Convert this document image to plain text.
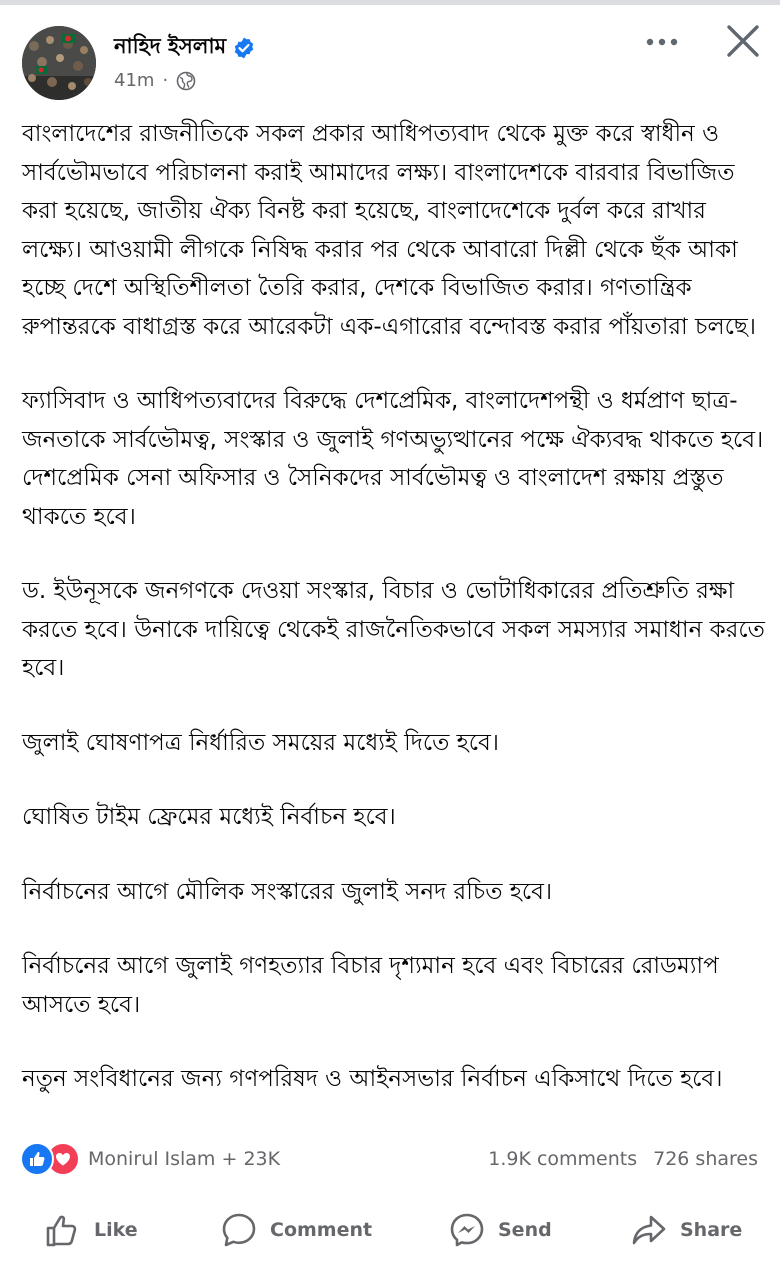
নাহিদ ইসলাম
41m ·

বাংলাদেশের রাজনীতিকে সকল প্রকার আধিপত্যবাদ থেকে মুক্ত করে স্বাধীন ও সার্বভৌমভাবে পরিচালনা করাই আমাদের লক্ষ্য। বাংলাদেশকে বারবার বিভাজিত করা হয়েছে, জাতীয় ঐক্য বিনষ্ট করা হয়েছে, বাংলাদেশেকে দুর্বল করে রাখার লক্ষ্যে। আওয়ামী লীগকে নিষিদ্ধ করার পর থেকে আবারো দিল্লী থেকে ছঁক আকা হচ্ছে দেশে অস্থিতিশীলতা তৈরি করার, দেশকে বিভাজিত করার। গণতান্ত্রিক রুপান্তরকে বাধাগ্রস্ত করে আরেকটা এক-এগারোর বন্দোবস্ত করার পাঁয়তারা চলছে।

ফ্যাসিবাদ ও আধিপত্যবাদের বিরুদ্ধে দেশপ্রেমিক, বাংলাদেশপন্থী ও ধর্মপ্রাণ ছাত্র-জনতাকে সার্বভৌমত্ব, সংস্কার ও জুলাই গণঅভ্যুত্থানের পক্ষে ঐক্যবদ্ধ থাকতে হবে। দেশপ্রেমিক সেনা অফিসার ও সৈনিকদের সার্বভৌমত্ব ও বাংলাদেশ রক্ষায় প্রস্তুত থাকতে হবে।

ড. ইউনূসকে জনগণকে দেওয়া সংস্কার, বিচার ও ভোটাধিকারের প্রতিশ্রুতি রক্ষা করতে হবে। উনাকে দায়িত্বে থেকেই রাজনৈতিকভাবে সকল সমস্যার সমাধান করতে হবে।

জুলাই ঘোষণাপত্র নির্ধারিত সময়ের মধ্যেই দিতে হবে।

ঘোষিত টাইম ফ্রেমের মধ্যেই নির্বাচন হবে।

নির্বাচনের আগে মৌলিক সংস্কারের জুলাই সনদ রচিত হবে।

নির্বাচনের আগে জুলাই গণহত্যার বিচার দৃশ্যমান হবে এবং বিচারের রোডম্যাপ আসতে হবে।

নতুন সংবিধানের জন্য গণপরিষদ ও আইনসভার নির্বাচন একিসাথে দিতে হবে।

Monirul Islam + 23K	1.9K comments 726 shares
Like	Comment	Send	Share
